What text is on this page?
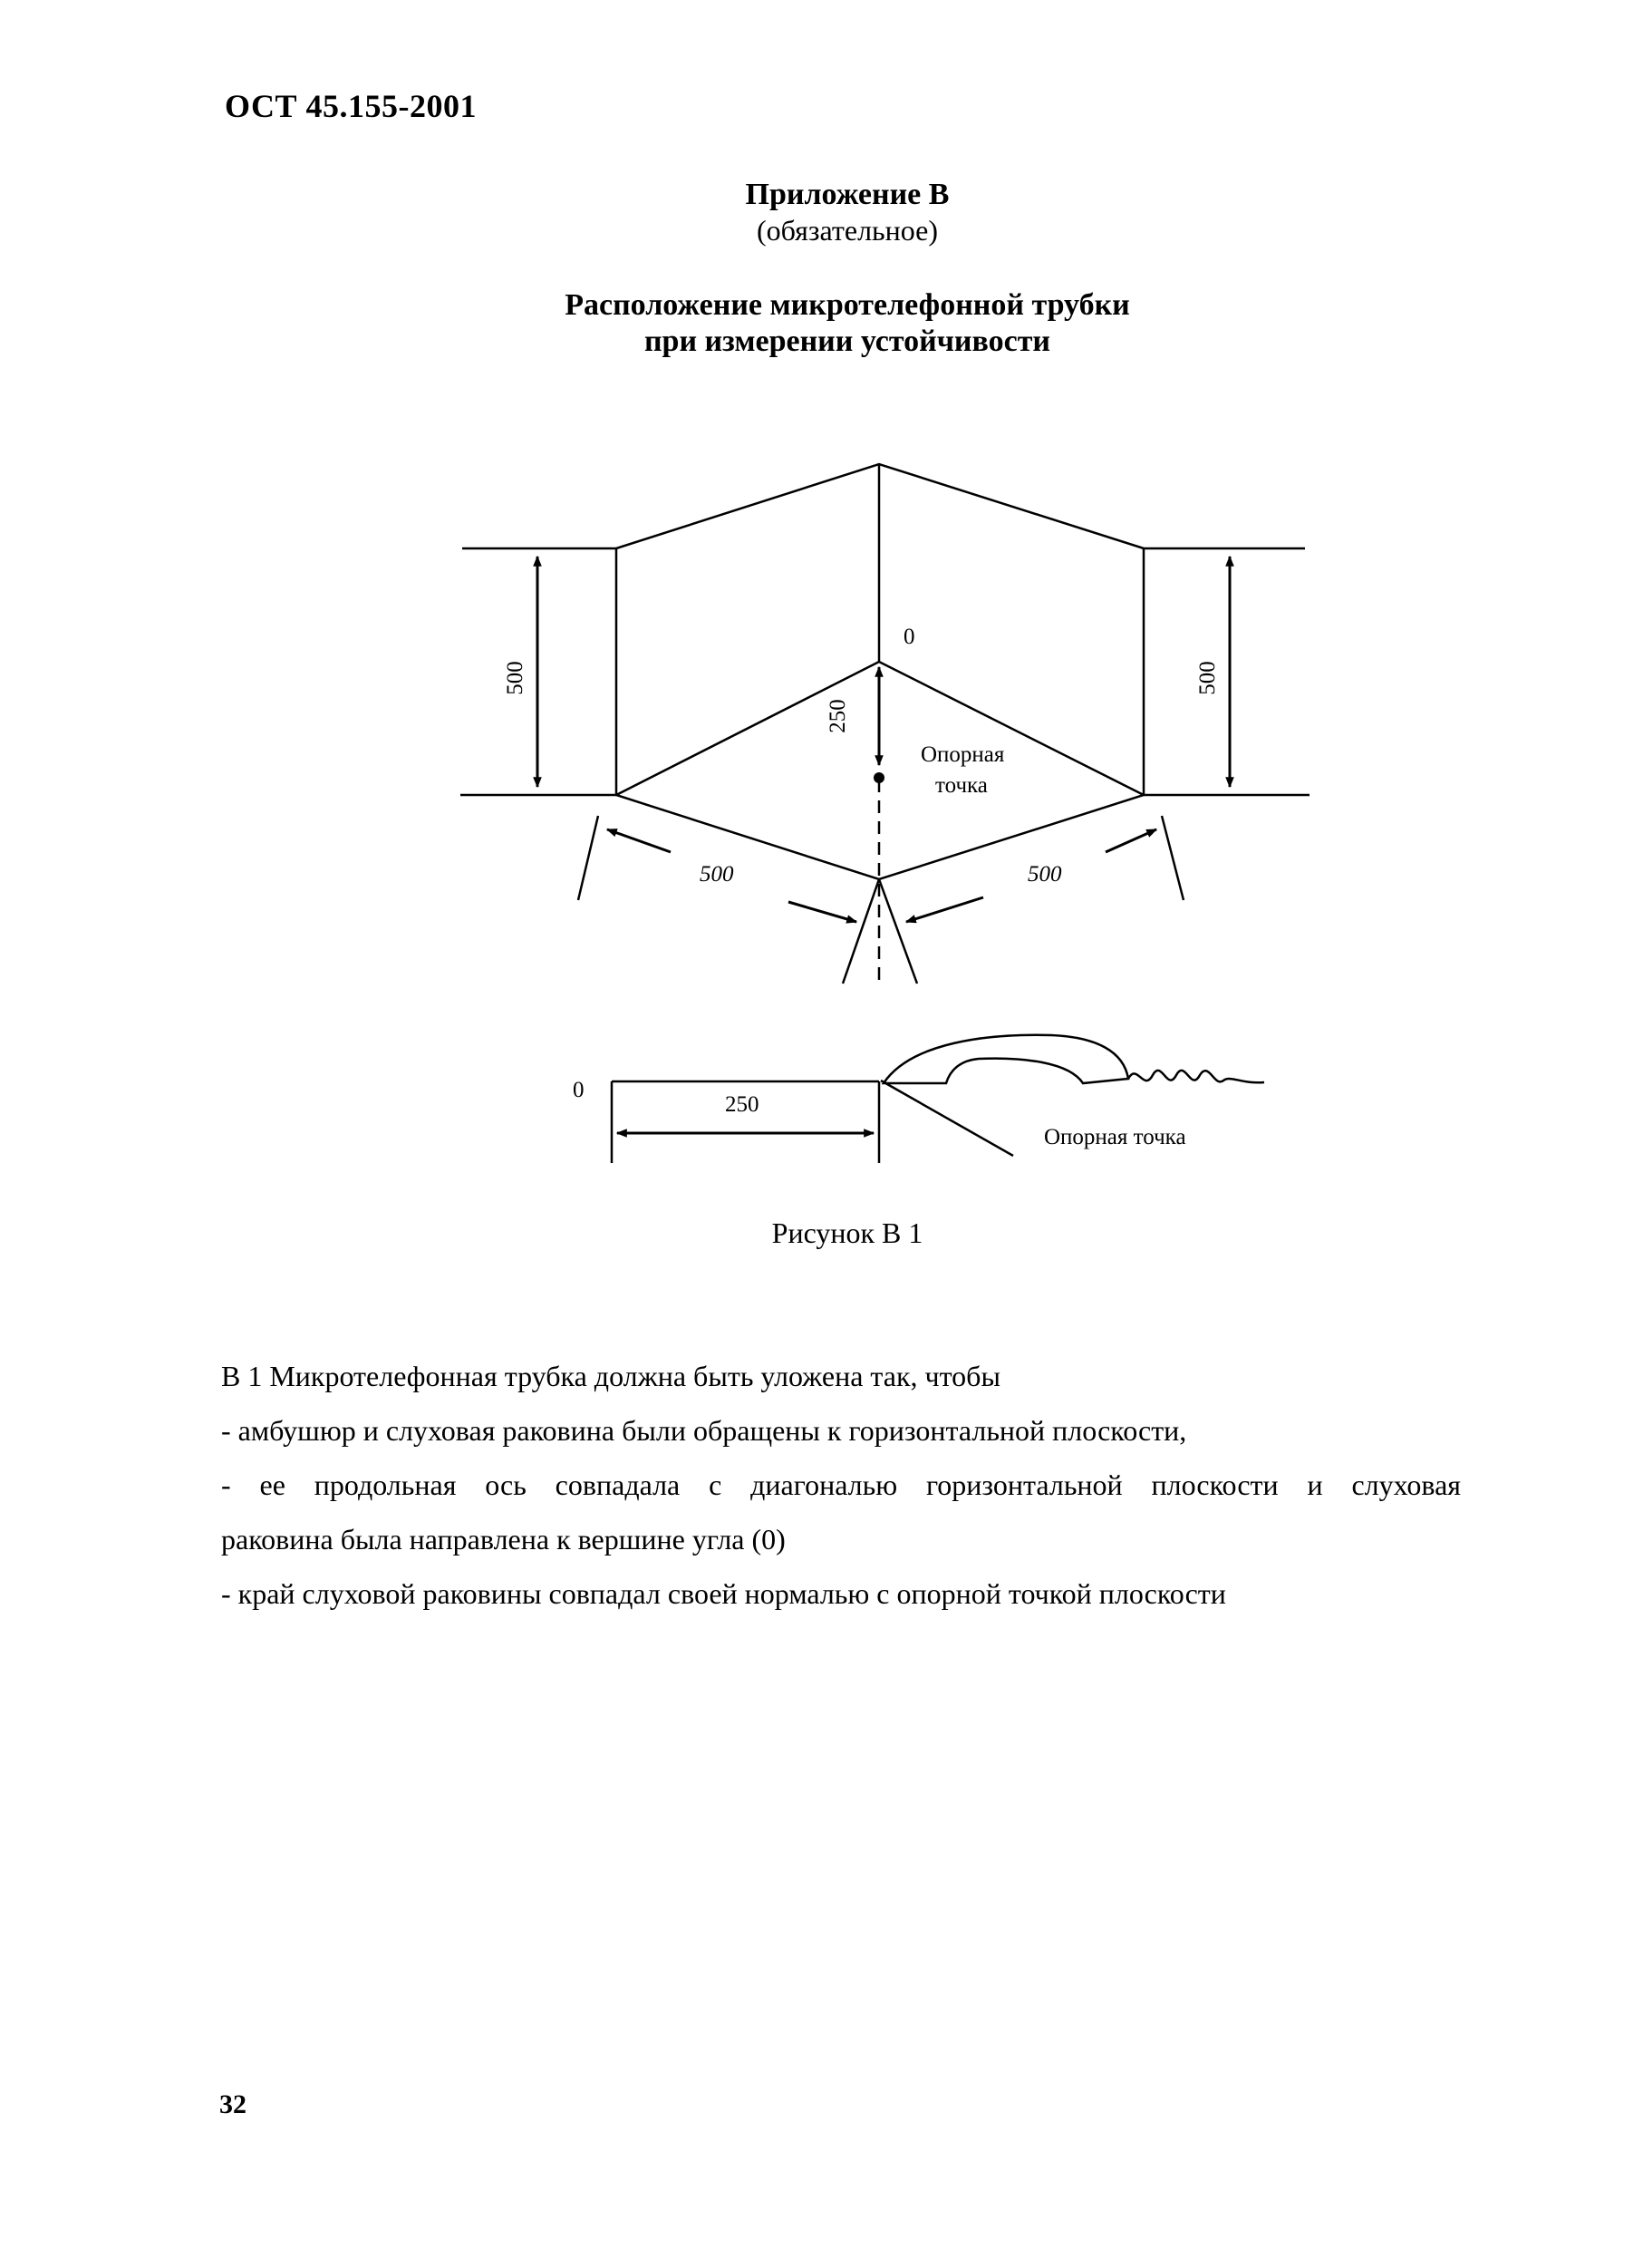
ОСТ 45.155-2001
Приложение В
(обязательное)
Расположение микротелефонной трубки
при измерении устойчивости
500	500
250
0
Опорная
точка
500	500
0
250
Опорная точка
Рисунок В 1
В 1 Микротелефонная трубка должна быть уложена так, чтобы
- амбушюр и слуховая раковина были обращены к горизонтальной плоскости,
- ее продольная ось совпадала с диагональю горизонтальной плоскости и слуховая
раковина была направлена к вершине угла (0)
- край слуховой раковины совпадал своей нормалью с опорной точкой плоскости
32
